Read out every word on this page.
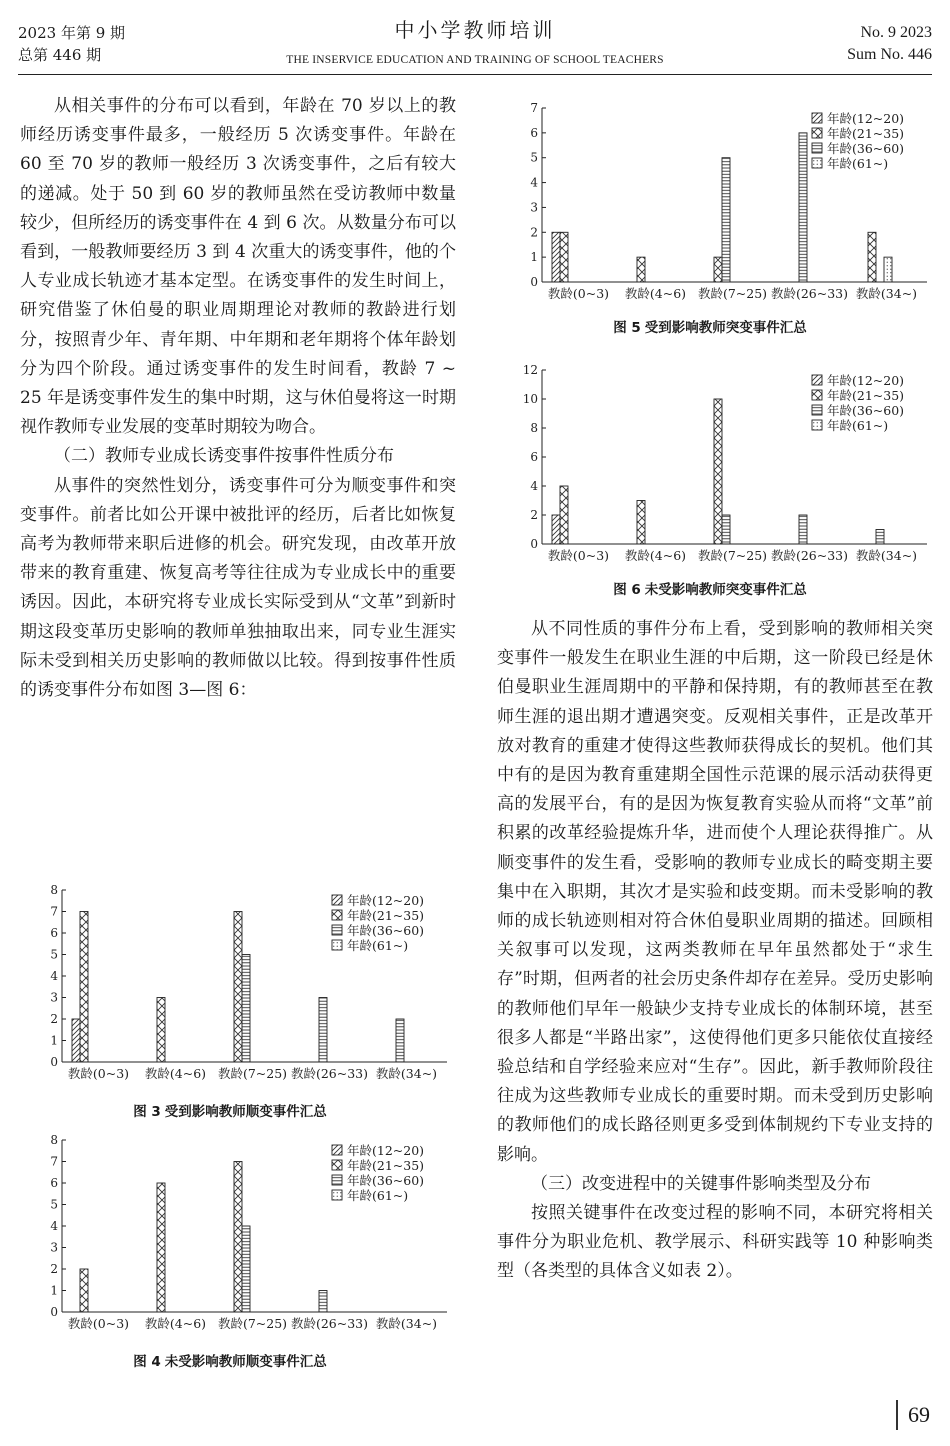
2023 年第 9 期
总第 446 期
中小学教师培训
THE INSERVICE EDUCATION AND TRAINING OF SCHOOL TEACHERS
No. 9 2023
Sum No. 446

从相关事件的分布可以看到，年龄在 70 岁以上的教师经历诱变事件最多，一般经历 5 次诱变事件。年龄在 60 至 70 岁的教师一般经历 3 次诱变事件，之后有较大的递减。处于 50 到 60 岁的教师虽然在受访教师中数量较少，但所经历的诱变事件在 4 到 6 次。从数量分布可以看到，一般教师要经历 3 到 4 次重大的诱变事件，他的个人专业成长轨迹才基本定型。在诱变事件的发生时间上，研究借鉴了休伯曼的职业周期理论对教师的教龄进行划分，按照青少年、青年期、中年期和老年期将个体年龄划分为四个阶段。通过诱变事件的发生时间看，教龄 7 ~ 25 年是诱变事件发生的集中时期，这与休伯曼将这一时期视作教师专业发展的变革时期较为吻合。

（二）教师专业成长诱变事件按事件性质分布

从事件的突然性划分，诱变事件可分为顺变事件和突变事件。前者比如公开课中被批评的经历，后者比如恢复高考为教师带来职后进修的机会。研究发现，由改革开放带来的教育重建、恢复高考等往往成为专业成长中的重要诱因。因此，本研究将专业成长实际受到从“文革”到新时期这段变革历史影响的教师单独抽取出来，同专业生涯实际未受到相关历史影响的教师做以比较。得到按事件性质的诱变事件分布如图 3—图 6：

0
1
2
3
4
5
6
7
8
教龄(0~3) 教龄(4~6) 教龄(7~25) 教龄(26~33) 教龄(34~)
年龄(12~20)
年龄(21~35)
年龄(36~60)
年龄(61~)
图 3 受到影响教师顺变事件汇总
0
1
2
3
4
5
6
7
8
教龄(0~3) 教龄(4~6) 教龄(7~25) 教龄(26~33) 教龄(34~)
年龄(12~20)
年龄(21~35)
年龄(36~60)
年龄(61~)
图 4 未受影响教师顺变事件汇总
0
1
2
3
4
5
6
7
教龄(0~3) 教龄(4~6) 教龄(7~25) 教龄(26~33) 教龄(34~)
年龄(12~20)
年龄(21~35)
年龄(36~60)
年龄(61~)
图 5 受到影响教师突变事件汇总
0
2
4
6
8
10
12
教龄(0~3) 教龄(4~6) 教龄(7~25) 教龄(26~33) 教龄(34~)
年龄(12~20)
年龄(21~35)
年龄(36~60)
年龄(61~)
图 6 未受影响教师突变事件汇总

从不同性质的事件分布上看，受到影响的教师相关突变事件一般发生在职业生涯的中后期，这一阶段已经是休伯曼职业生涯周期中的平静和保持期，有的教师甚至在教师生涯的退出期才遭遇突变。反观相关事件，正是改革开放对教育的重建才使得这些教师获得成长的契机。他们其中有的是因为教育重建期全国性示范课的展示活动获得更高的发展平台，有的是因为恢复教育实验从而将“文革”前积累的改革经验提炼升华，进而使个人理论获得推广。从顺变事件的发生看，受影响的教师专业成长的畸变期主要集中在入职期，其次才是实验和歧变期。而未受影响的教师的成长轨迹则相对符合休伯曼职业周期的描述。回顾相关叙事可以发现，这两类教师在早年虽然都处于“求生存”时期，但两者的社会历史条件却存在差异。受历史影响的教师他们早年一般缺少支持专业成长的体制环境，甚至很多人都是“半路出家”，这使得他们更多只能依仗直接经验总结和自学经验来应对“生存”。因此，新手教师阶段往往成为这些教师专业成长的重要时期。而未受到历史影响的教师他们的成长路径则更多受到体制规约下专业支持的影响。

（三）改变进程中的关键事件影响类型及分布

按照关键事件在改变过程的影响不同，本研究将相关事件分为职业危机、教学展示、科研实践等 10 种影响类型（各类型的具体含义如表 2）。

69
